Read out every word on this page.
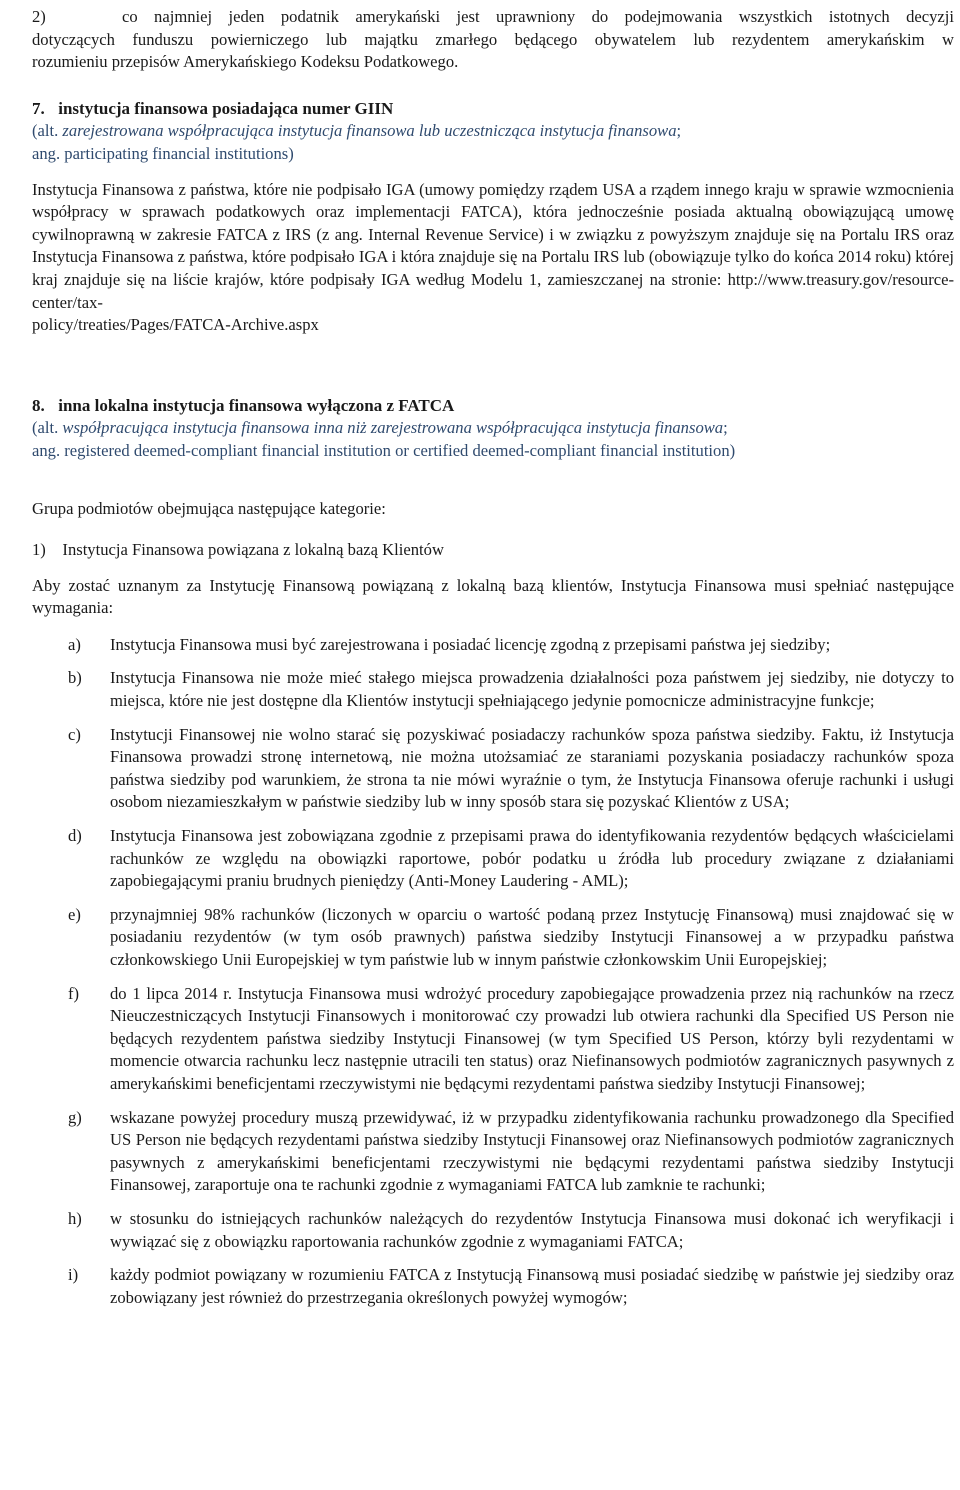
2)	co najmniej jeden podatnik amerykański jest uprawniony do podejmowania wszystkich istotnych decyzji

dotyczących funduszu powierniczego lub majątku zmarłego będącego obywatelem lub rezydentem amerykańskim w

rozumieniu przepisów Amerykańskiego Kodeksu Podatkowego.

7. instytucja finansowa posiadająca numer GIIN

(alt. zarejestrowana współpracująca instytucja finansowa lub uczestnicząca instytucja finansowa;

ang. participating financial institutions)

Instytucja Finansowa z państwa, które nie podpisało IGA (umowy pomiędzy rządem USA a rządem innego kraju w sprawie wzmocnienia współpracy w sprawach podatkowych oraz implementacji FATCA), która jednocześnie posiada aktualną obowiązującą umowę cywilnoprawną w zakresie FATCA z IRS (z ang. Internal Revenue Service) i w związku z powyższym znajduje się na Portalu IRS oraz Instytucja Finansowa z państwa, które podpisało IGA i która znajduje się na Portalu IRS lub (obowiązuje tylko do końca 2014 roku) której kraj znajduje się na liście krajów, które podpisały IGA według Modelu 1, zamieszczanej na stronie: http://www.treasury.gov/resource-center/tax-

policy/treaties/Pages/FATCA-Archive.aspx

8. inna lokalna instytucja finansowa wyłączona z FATCA

(alt. współpracująca instytucja finansowa inna niż zarejestrowana współpracująca instytucja finansowa;

ang. registered deemed-compliant financial institution or certified deemed-compliant financial institution)

Grupa podmiotów obejmująca następujące kategorie:

1)    Instytucja Finansowa powiązana z lokalną bazą Klientów

Aby zostać uznanym za Instytucję Finansową powiązaną z lokalną bazą klientów, Instytucja Finansowa musi spełniać następujące wymagania:

a)	Instytucja Finansowa musi być zarejestrowana i posiadać licencję zgodną z przepisami państwa jej siedziby;
b)	Instytucja Finansowa nie może mieć stałego miejsca prowadzenia działalności poza państwem jej siedziby, nie dotyczy to miejsca, które nie jest dostępne dla Klientów instytucji spełniającego jedynie pomocnicze administracyjne funkcje;
c)	Instytucji Finansowej nie wolno starać się pozyskiwać posiadaczy rachunków spoza państwa siedziby. Faktu, iż Instytucja Finansowa prowadzi stronę internetową, nie można utożsamiać ze staraniami pozyskania posiadaczy rachunków spoza państwa siedziby pod warunkiem, że strona ta nie mówi wyraźnie o tym, że Instytucja Finansowa oferuje rachunki i usługi osobom niezamieszkałym w państwie siedziby lub w inny sposób stara się pozyskać Klientów z USA;
d)	Instytucja Finansowa jest zobowiązana zgodnie z przepisami prawa do identyfikowania rezydentów będących właścicielami rachunków ze względu na obowiązki raportowe, pobór podatku u źródła lub procedury związane z działaniami zapobiegającymi praniu brudnych pieniędzy (Anti-Money Laudering - AML);
e)	przynajmniej 98% rachunków (liczonych w oparciu o wartość podaną przez Instytucję Finansową) musi znajdować się w posiadaniu rezydentów (w tym osób prawnych) państwa siedziby Instytucji Finansowej a w przypadku państwa członkowskiego Unii Europejskiej w tym państwie lub w innym państwie członkowskim Unii Europejskiej;
f)	do 1 lipca 2014 r. Instytucja Finansowa musi wdrożyć procedury zapobiegające prowadzenia przez nią rachunków na rzecz Nieuczestniczących Instytucji Finansowych i monitorować czy prowadzi lub otwiera rachunki dla Specified US Person nie będących rezydentem państwa siedziby Instytucji Finansowej (w tym Specified US Person, którzy byli rezydentami w momencie otwarcia rachunku lecz następnie utracili ten status) oraz Niefinansowych podmiotów zagranicznych pasywnych z amerykańskimi beneficjentami rzeczywistymi nie będącymi rezydentami państwa siedziby Instytucji Finansowej;
g)	wskazane powyżej procedury muszą przewidywać, iż w przypadku zidentyfikowania rachunku prowadzonego dla Specified US Person nie będących rezydentami państwa siedziby Instytucji Finansowej oraz Niefinansowych podmiotów zagranicznych pasywnych z amerykańskimi beneficjentami rzeczywistymi nie będącymi rezydentami państwa siedziby Instytucji Finansowej, zaraportuje ona te rachunki zgodnie z wymaganiami FATCA lub zamknie te rachunki;
h)	w stosunku do istniejących rachunków należących do rezydentów Instytucja Finansowa musi dokonać ich weryfikacji i wywiązać się z obowiązku raportowania rachunków zgodnie z wymaganiami FATCA;
i)	każdy podmiot powiązany w rozumieniu FATCA z Instytucją Finansową musi posiadać siedzibę w państwie jej siedziby oraz zobowiązany jest również do przestrzegania określonych powyżej wymogów;
